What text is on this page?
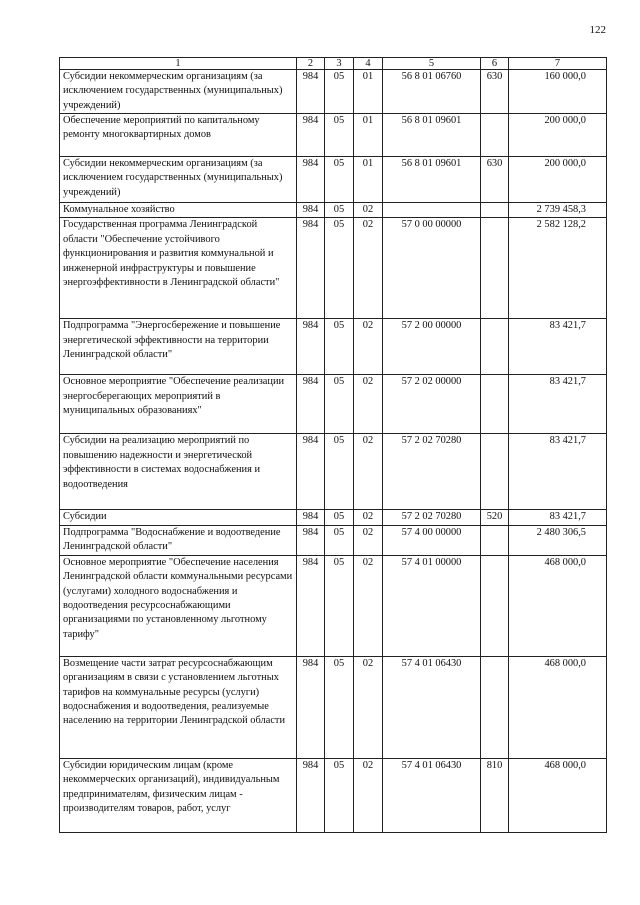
122
1	2	3	4	5	6	7
Субсидии некоммерческим организациям (за исключением государственных (муниципальных) учреждений)	984	05	01	56 8 01 06760	630	160 000,0
Обеспечение мероприятий по капитальному ремонту многоквартирных домов	984	05	01	56 8 01 09601		200 000,0
Субсидии некоммерческим организациям (за исключением государственных (муниципальных) учреждений)	984	05	01	56 8 01 09601	630	200 000,0
Коммунальное хозяйство	984	05	02			2 739 458,3
Государственная программа Ленинградской области "Обеспечение устойчивого функционирования и развития коммунальной и инженерной инфраструктуры и повышение энергоэффективности в Ленинградской области"	984	05	02	57 0 00 00000		2 582 128,2
Подпрограмма "Энергосбережение и повышение энергетической эффективности на территории Ленинградской области"	984	05	02	57 2 00 00000		83 421,7
Основное мероприятие "Обеспечение реализации энергосберегающих мероприятий в муниципальных образованиях"	984	05	02	57 2 02 00000		83 421,7
Субсидии на реализацию мероприятий по повышению надежности и энергетической эффективности в системах водоснабжения и водоотведения	984	05	02	57 2 02 70280		83 421,7
Субсидии	984	05	02	57 2 02 70280	520	83 421,7
Подпрограмма "Водоснабжение и водоотведение Ленинградской области"	984	05	02	57 4 00 00000		2 480 306,5
Основное мероприятие "Обеспечение населения Ленинградской области коммунальными ресурсами (услугами) холодного водоснабжения и водоотведения ресурсоснабжающими организациями по установленному льготному тарифу"	984	05	02	57 4 01 00000		468 000,0
Возмещение части затрат ресурсоснабжающим организациям в связи с установлением льготных тарифов на коммунальные ресурсы (услуги) водоснабжения и водоотведения, реализуемые населению на территории Ленинградской области	984	05	02	57 4 01 06430		468 000,0
Субсидии юридическим лицам (кроме некоммерческих организаций), индивидуальным предпринимателям, физическим лицам - производителям товаров, работ, услуг	984	05	02	57 4 01 06430	810	468 000,0
